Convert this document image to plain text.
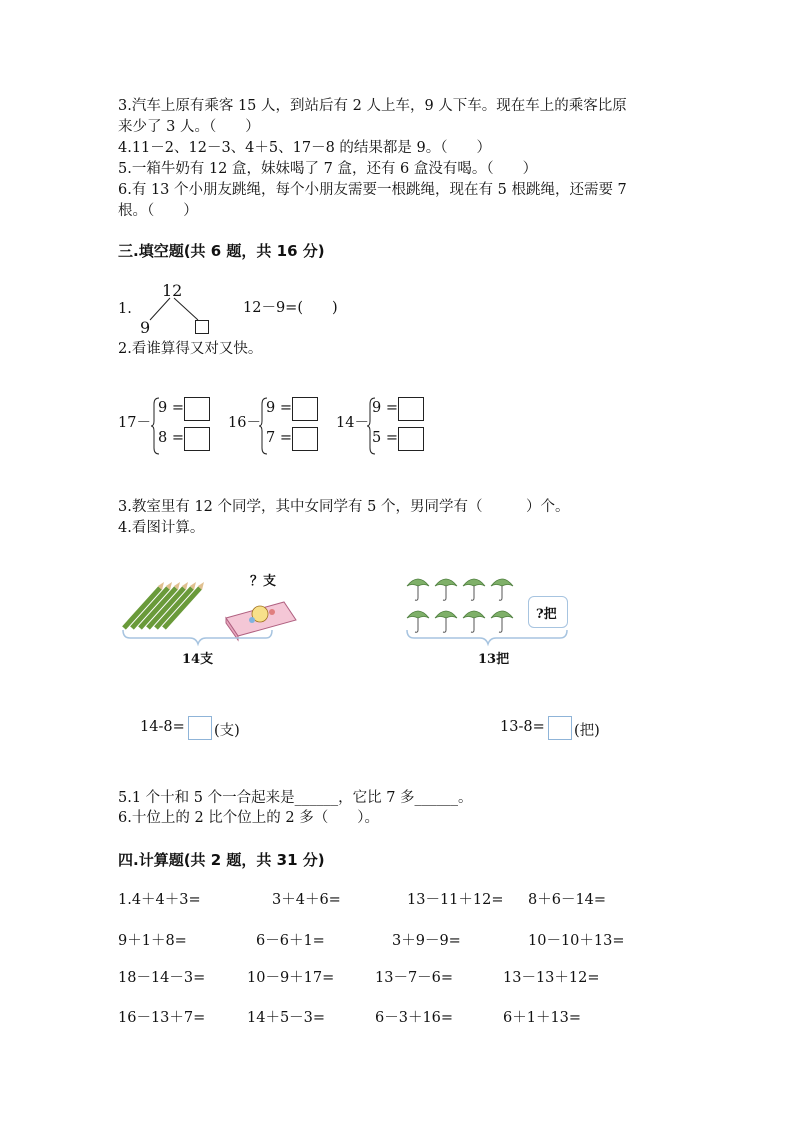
3.汽车上原有乘客 15 人，到站后有 2 人上车，9 人下车。现在车上的乘客比原
来少了 3 人。（　　）
4.11－2、12－3、4＋5、17－8 的结果都是 9。（　　）
5.一箱牛奶有 12 盒，妹妹喝了 7 盒，还有 6 盒没有喝。（　　）
6.有 13 个小朋友跳绳，每个小朋友需要一根跳绳，现在有 5 根跳绳，还需要 7
根。（　　）
三.填空题(共 6 题，共 16 分)
1.
12
9
12－9=(　　)
2.看谁算得又对又快。
17－
9 =
8 =
16－
9 =
7 =
14－
9 =
5 =
3.教室里有 12 个同学，其中女同学有 5 个，男同学有（　　　）个。
4.看图计算。
？支
14支
?把
13把
14-8= (支)	13-8= (把)
5.1 个十和 5 个一合起来是______，它比 7 多______。
6.十位上的 2 比个位上的 2 多（　　）。
四.计算题(共 2 题，共 31 分)
1.4＋4＋3=	3＋4＋6=	13－11＋12= 8＋6－14=
9＋1＋8=	6－6＋1=	3＋9－9=	10－10＋13=
18－14－3=	10－9＋17=	13－7－6=	13－13＋12=
16－13＋7=	14＋5－3=	6－3＋16=	6＋1＋13=
